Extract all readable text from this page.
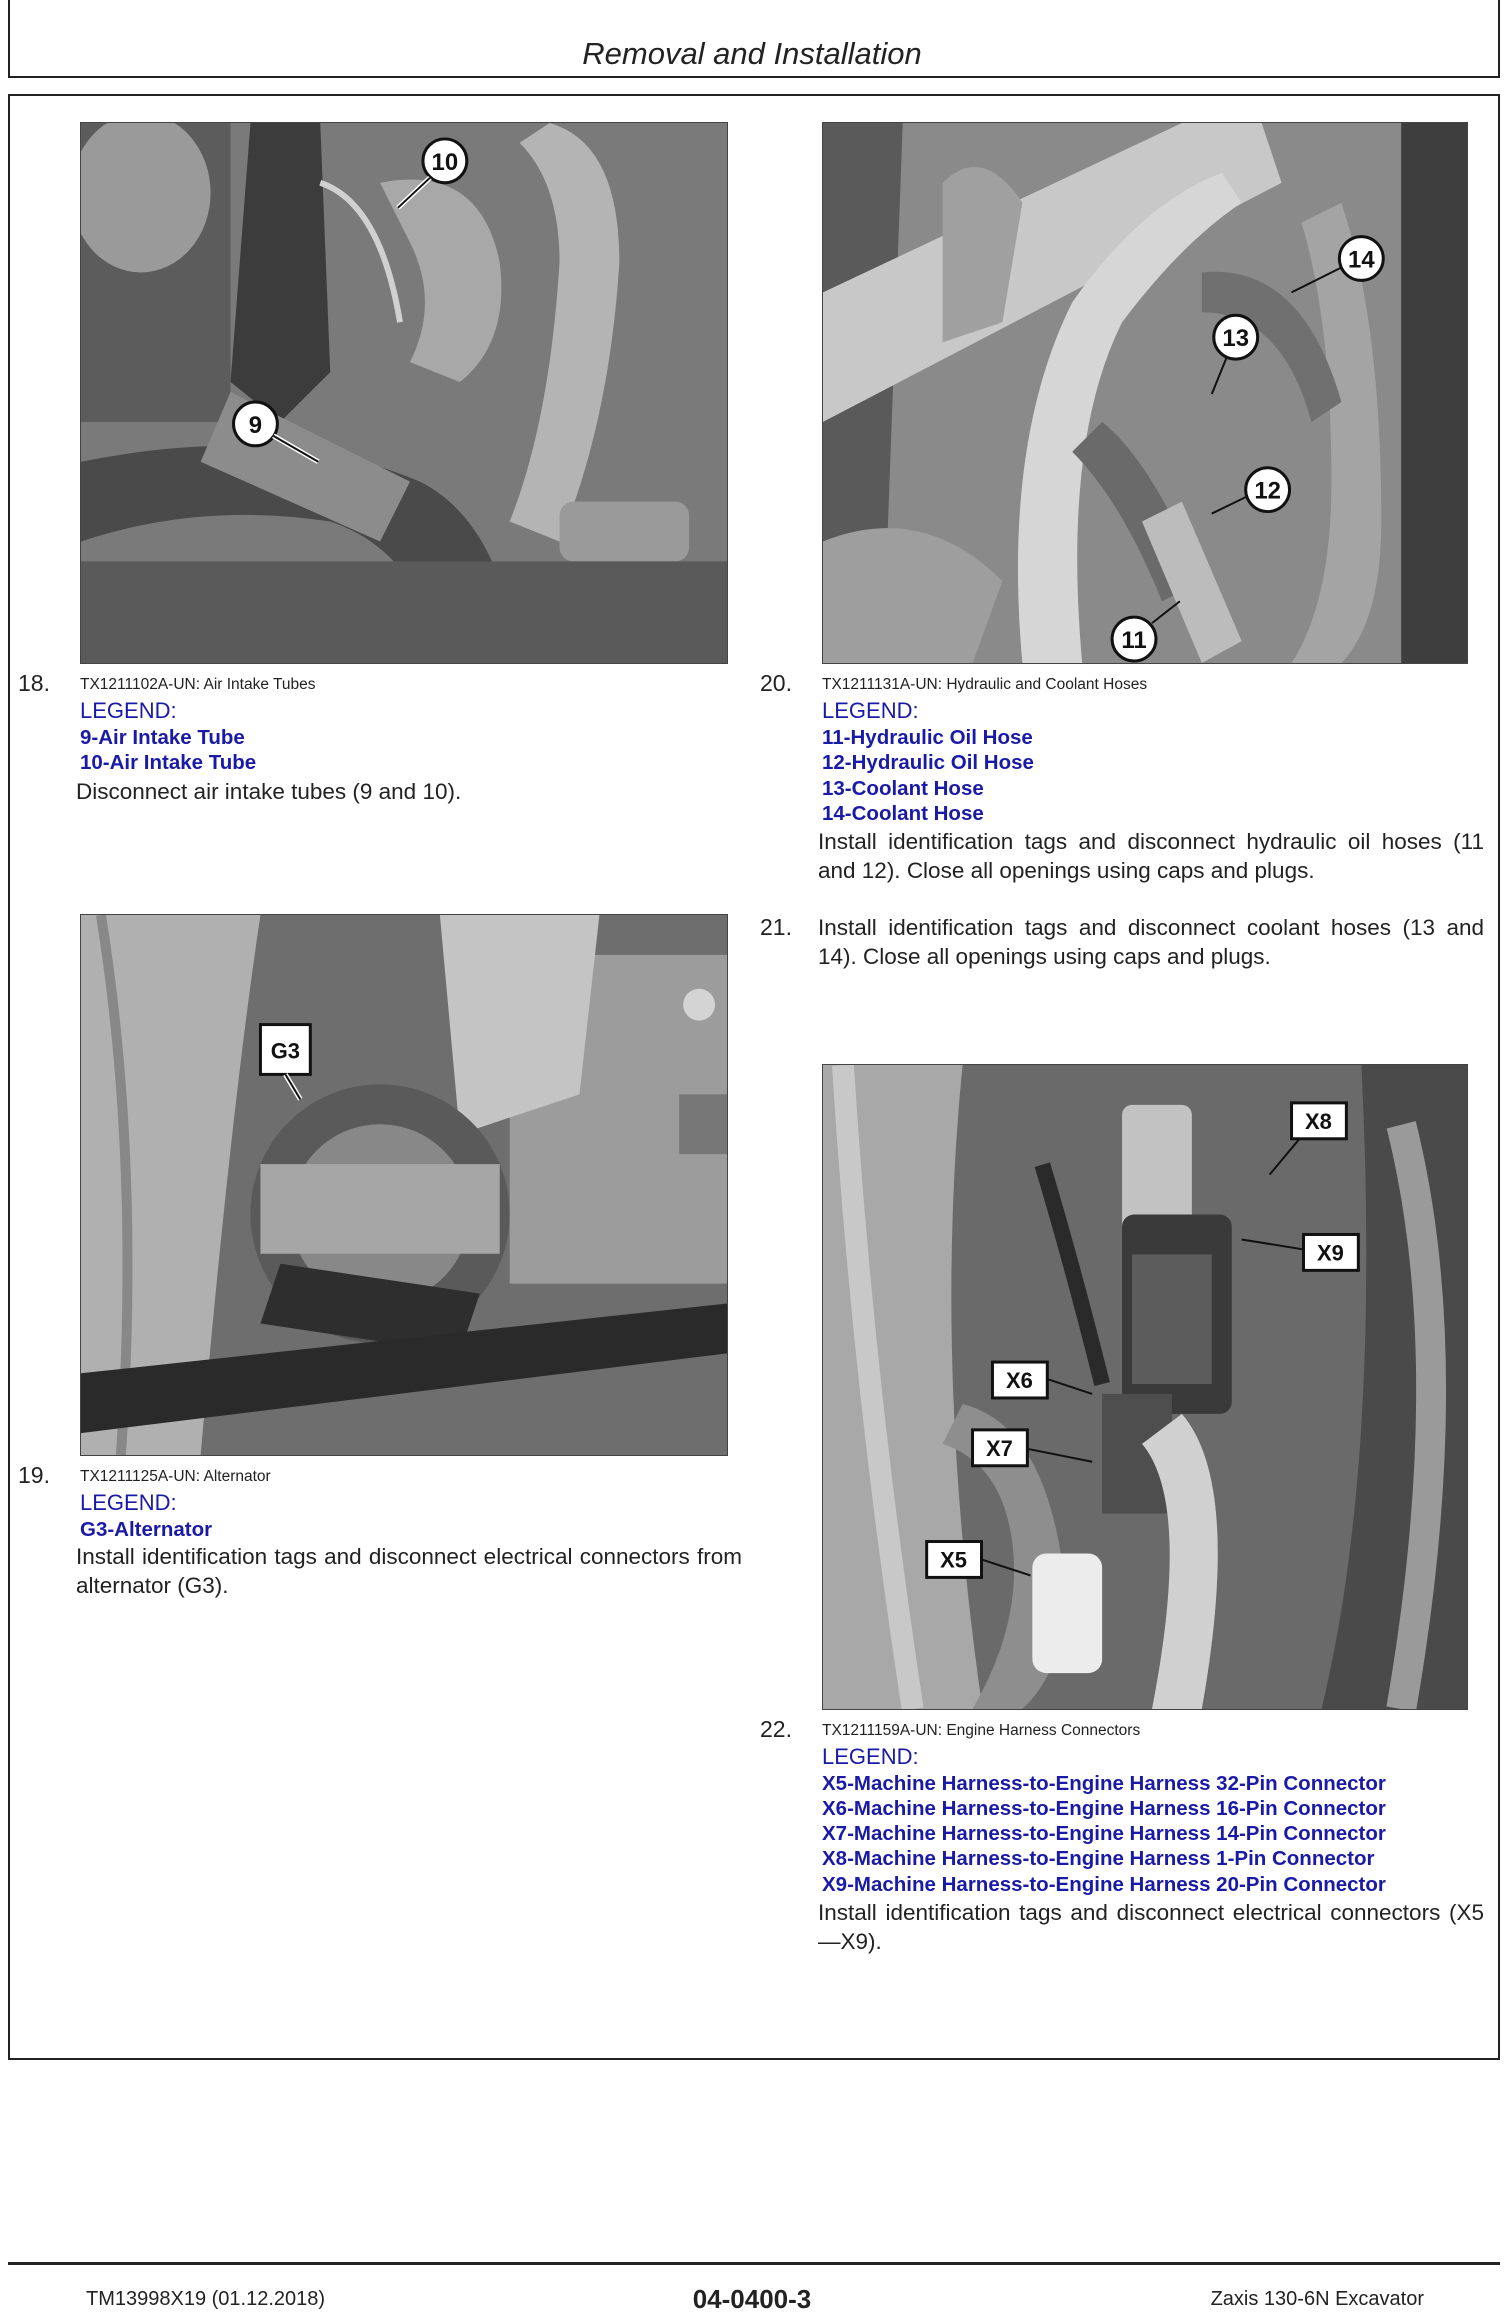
Removal and Installation
10
9
18. TX1211102A-UN: Air Intake Tubes
LEGEND:
9-Air Intake Tube
10-Air Intake Tube
Disconnect air intake tubes (9 and 10).
G3
19. TX1211125A-UN: Alternator
LEGEND:
G3-Alternator
Install identification tags and disconnect electrical connectors from alternator (G3).
14
13
12
11
20. TX1211131A-UN: Hydraulic and Coolant Hoses
LEGEND:
11-Hydraulic Oil Hose
12-Hydraulic Oil Hose
13-Coolant Hose
14-Coolant Hose
Install identification tags and disconnect hydraulic oil hoses (11 and 12). Close all openings using caps and plugs.
21. Install identification tags and disconnect coolant hoses (13 and 14). Close all openings using caps and plugs.
X8
X9
X6
X7
X5
22. TX1211159A-UN: Engine Harness Connectors
LEGEND:
X5-Machine Harness-to-Engine Harness 32-Pin Connector
X6-Machine Harness-to-Engine Harness 16-Pin Connector
X7-Machine Harness-to-Engine Harness 14-Pin Connector
X8-Machine Harness-to-Engine Harness 1-Pin Connector
X9-Machine Harness-to-Engine Harness 20-Pin Connector
Install identification tags and disconnect electrical connectors (X5—X9).
TM13998X19 (01.12.2018)	04-0400-3	Zaxis 130-6N Excavator
